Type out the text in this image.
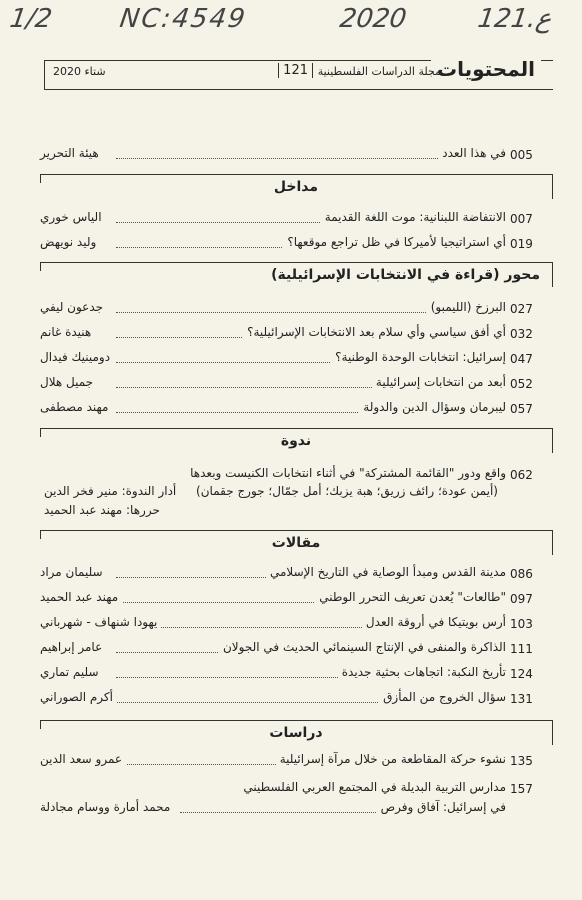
1/2 NC:4549	2020	ع.121
المحتويات
مجلة الدراسات الفلسطينية
121
شتاء 2020
005
في هذا العدد
هيئة التحرير
مداخل
007
الانتفاضة اللبنانية: موت اللغة القديمة
الياس خوري
019
أي استراتيجيا لأميركا في ظل تراجع موقعها؟
وليد نويهض
محور (قراءة في الانتخابات الإسرائيلية)
027
البرزخ (الليمبو)
جدعون ليفي
032
أي أفق سياسي وأي سلام بعد الانتخابات الإسرائيلية؟
هنيدة غانم
047
إسرائيل: انتخابات الوحدة الوطنية؟
دومينيك فيدال
052
أبعد من انتخابات إسرائيلية
جميل هلال
057
ليبرمان وسؤال الدين والدولة
مهند مصطفى
ندوة
062
واقع ودور "القائمة المشتركة" في أثناء انتخابات الكنيست وبعدها
(أيمن عودة؛ رائف زريق؛ هبة يزبك؛ أمل جمّال؛ جورج جقمان)
أدار الندوة: منير فخر الدين
حررها: مهند عبد الحميد
مقالات
086
مدينة القدس ومبدأ الوصاية في التاريخ الإسلامي
سليمان مراد
097
"طالعات" يُعدن تعريف التحرر الوطني
مهند عبد الحميد
103
أرس بويتيكا في أروقة العدل
يهودا شنهاف - شهرباني
111
الذاكرة والمنفى في الإنتاج السينمائي الحديث في الجولان
عامر إبراهيم
124
تأريخ النكبة: اتجاهات بحثية جديدة
سليم تماري
131
سؤال الخروج من المأزق
أكرم الصوراني
دراسات
135
نشوء حركة المقاطعة من خلال مرآة إسرائيلية
عمرو سعد الدين
157
مدارس التربية البديلة في المجتمع العربي الفلسطيني
في إسرائيل: آفاق وفرص
محمد أمارة ووسام مجادلة
